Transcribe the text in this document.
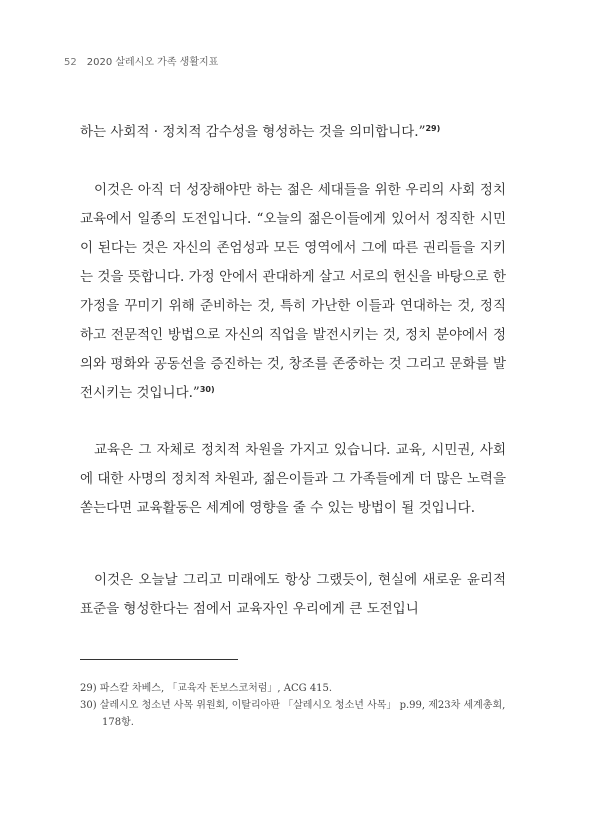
52 2020 살레시오 가족 생활지표

하는 사회적 · 정치적 감수성을 형성하는 것을 의미합니다.”$^{29)}$

이것은 아직 더 성장해야만 하는 젊은 세대들을 위한 우리의 사회 정치 교육에서 일종의 도전입니다. “오늘의 젊은이들에게 있어서 정직한 시민이 된다는 것은 자신의 존엄성과 모든 영역에서 그에 따른 권리들을 지키는 것을 뜻합니다. 가정 안에서 관대하게 살고 서로의 헌신을 바탕으로 한 가정을 꾸미기 위해 준비하는 것, 특히 가난한 이들과 연대하는 것, 정직하고 전문적인 방법으로 자신의 직업을 발전시키는 것, 정치 분야에서 정의와 평화와 공동선을 증진하는 것, 창조를 존중하는 것 그리고 문화를 발전시키는 것입니다.”$^{30)}$

교육은 그 자체로 정치적 차원을 가지고 있습니다. 교육, 시민권, 사회에 대한 사명의 정치적 차원과, 젊은이들과 그 가족들에게 더 많은 노력을 쏟는다면 교육활동은 세계에 영향을 줄 수 있는 방법이 될 것입니다.

이것은 오늘날 그리고 미래에도 항상 그랬듯이, 현실에 새로운 윤리적 표준을 형성한다는 점에서 교육자인 우리에게 큰 도전입니

29) 파스칼 차베스, 「교육자 돈보스코처럼」, ACG 415.
30) 살레시오 청소년 사목 위원회, 이탈리아판 「살레시오 청소년 사목」 p.99, 제23차 세계총회, 178항.
